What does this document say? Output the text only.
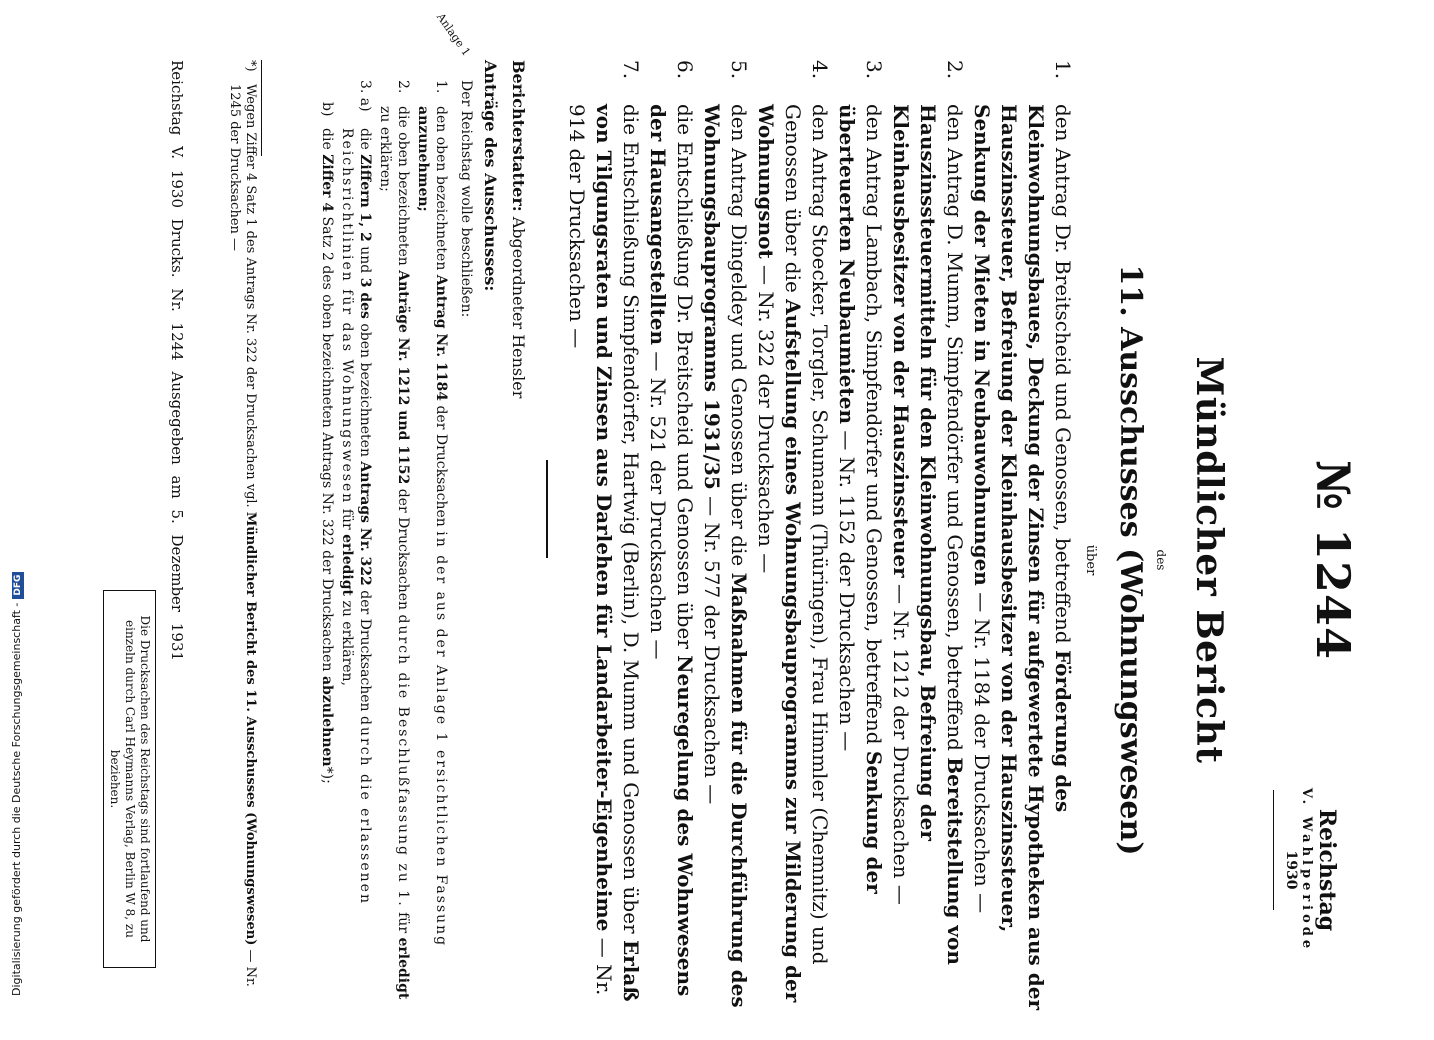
№ 1244
Reichstag
V. Wahlperiode
1930
Mündlicher Bericht
des
11. Ausschusses (Wohnungswesen)
über
1.
den Antrag Dr. Breitscheid und Genossen, betreffend Förderung des Kleinwohnungsbaues, Deckung der Zinsen für aufgewertete Hypotheken aus der Hauszinssteuer, Befreiung der Kleinhausbesitzer von der Hauszinssteuer, Senkung der Mieten in Neubauwohnungen — Nr. 1184 der Drucksachen —
2.
den Antrag D. Mumm, Simpfendörfer und Genossen, betreffend Bereitstellung von Hauszinssteuermitteln für den Kleinwohnungsbau, Befreiung der Kleinhausbesitzer von der Hauszinssteuer — Nr. 1212 der Drucksachen —
3.
den Antrag Lambach, Simpfendörfer und Genossen, betreffend Senkung der überteuerten Neubaumieten — Nr. 1152 der Drucksachen —
4.
den Antrag Stoecker, Torgler, Schumann (Thüringen), Frau Himmler (Chemnitz) und Genossen über die Aufstellung eines Wohnungsbauprogramms zur Milderung der Wohnungsnot — Nr. 322 der Drucksachen —
5.
den Antrag Dingeldey und Genossen über die Maßnahmen für die Durchführung des Wohnungsbauprogramms 1931/35 — Nr. 577 der Drucksachen —
6.
die Entschließung Dr. Breitscheid und Genossen über Neuregelung des Wohnwesens der Hausangestellten — Nr. 521 der Drucksachen —
7.
die Entschließung Simpfendörfer, Hartwig (Berlin), D. Mumm und Genossen über Erlaß von Tilgungsraten und Zinsen aus Darlehen für Landarbeiter-Eigenheime — Nr. 914 der Drucksachen —
Berichterstatter: Abgeordneter Hensler
Anträge des Ausschusses:
Anlage 1
Der Reichstag wolle beschließen:
1.
den oben bezeichneten Antrag Nr. 1184 der Drucksachen in der aus der Anlage 1 ersichtlichen Fassung anzunehmen;
2.
die oben bezeichneten Anträge Nr. 1212 und 1152 der Drucksachen durch die Beschlußfassung zu 1. für erledigt zu erklären;
3. a)
die Ziffern 1, 2 und 3 des oben bezeichneten Antrags Nr. 322 der Drucksachen durch die erlassenen Reichsrichtlinien für das Wohnungswesen für erledigt zu erklären,
b)
die Ziffer 4 Satz 2 des oben bezeichneten Antrags Nr. 322 der Drucksachen abzulehnen*);
*)
Wegen Ziffer 4 Satz 1 des Antrags Nr. 322 der Drucksachen vgl. Mündlicher Bericht des 11. Ausschusses (Wohnungswesen) — Nr. 1245 der Drucksachen —
Reichstag V. 1930 Drucks. Nr. 1244 Ausgegeben am 5. Dezember 1931
Die Drucksachen des Reichstags sind fortlaufend und einzeln durch Carl Heymanns Verlag, Berlin W 8, zu beziehen.
Digitalisierung gefördert durch die Deutsche Forschungsgemeinschaft -DFG
